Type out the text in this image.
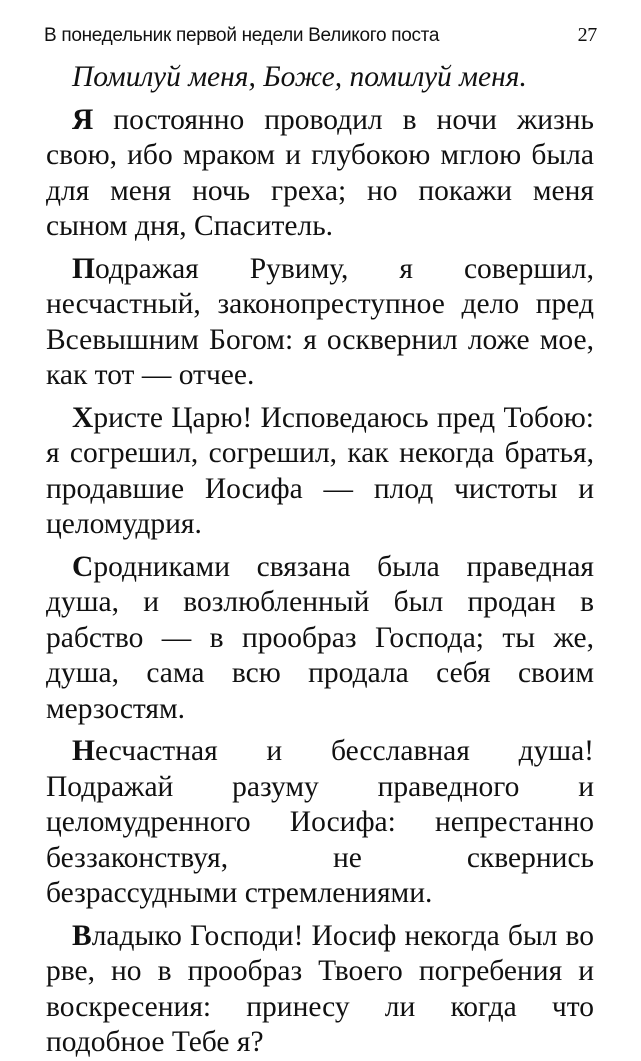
В понедельник первой недели Великого поста	27

Помилуй меня, Боже, помилуй меня.

Я постоянно проводил в ночи жизнь свою, ибо мраком и глубокою мглою была для меня ночь греха; но покажи меня сыном дня, Спаситель.

Подражая Рувиму, я совершил, несчастный, законопреступное дело пред Всевышним Богом: я осквернил ложе мое, как тот — отчее.

Христе Царю! Исповедаюсь пред Тобою: я согрешил, согрешил, как некогда братья, продавшие Иосифа — плод чистоты и целомудрия.

Сродниками связана была праведная душа, и возлюбленный был продан в рабство — в прообраз Господа; ты же, душа, сама всю продала себя своим мерзостям.

Несчастная и бесславная душа! Подражай разуму праведного и целомудренного Иосифа: непрестанно беззаконствуя, не сквернись безрассудными стремлениями.

Владыко Господи! Иосиф некогда был во рве, но в прообраз Твоего погребения и воскресения: принесу ли когда что подобное Тебе я?
